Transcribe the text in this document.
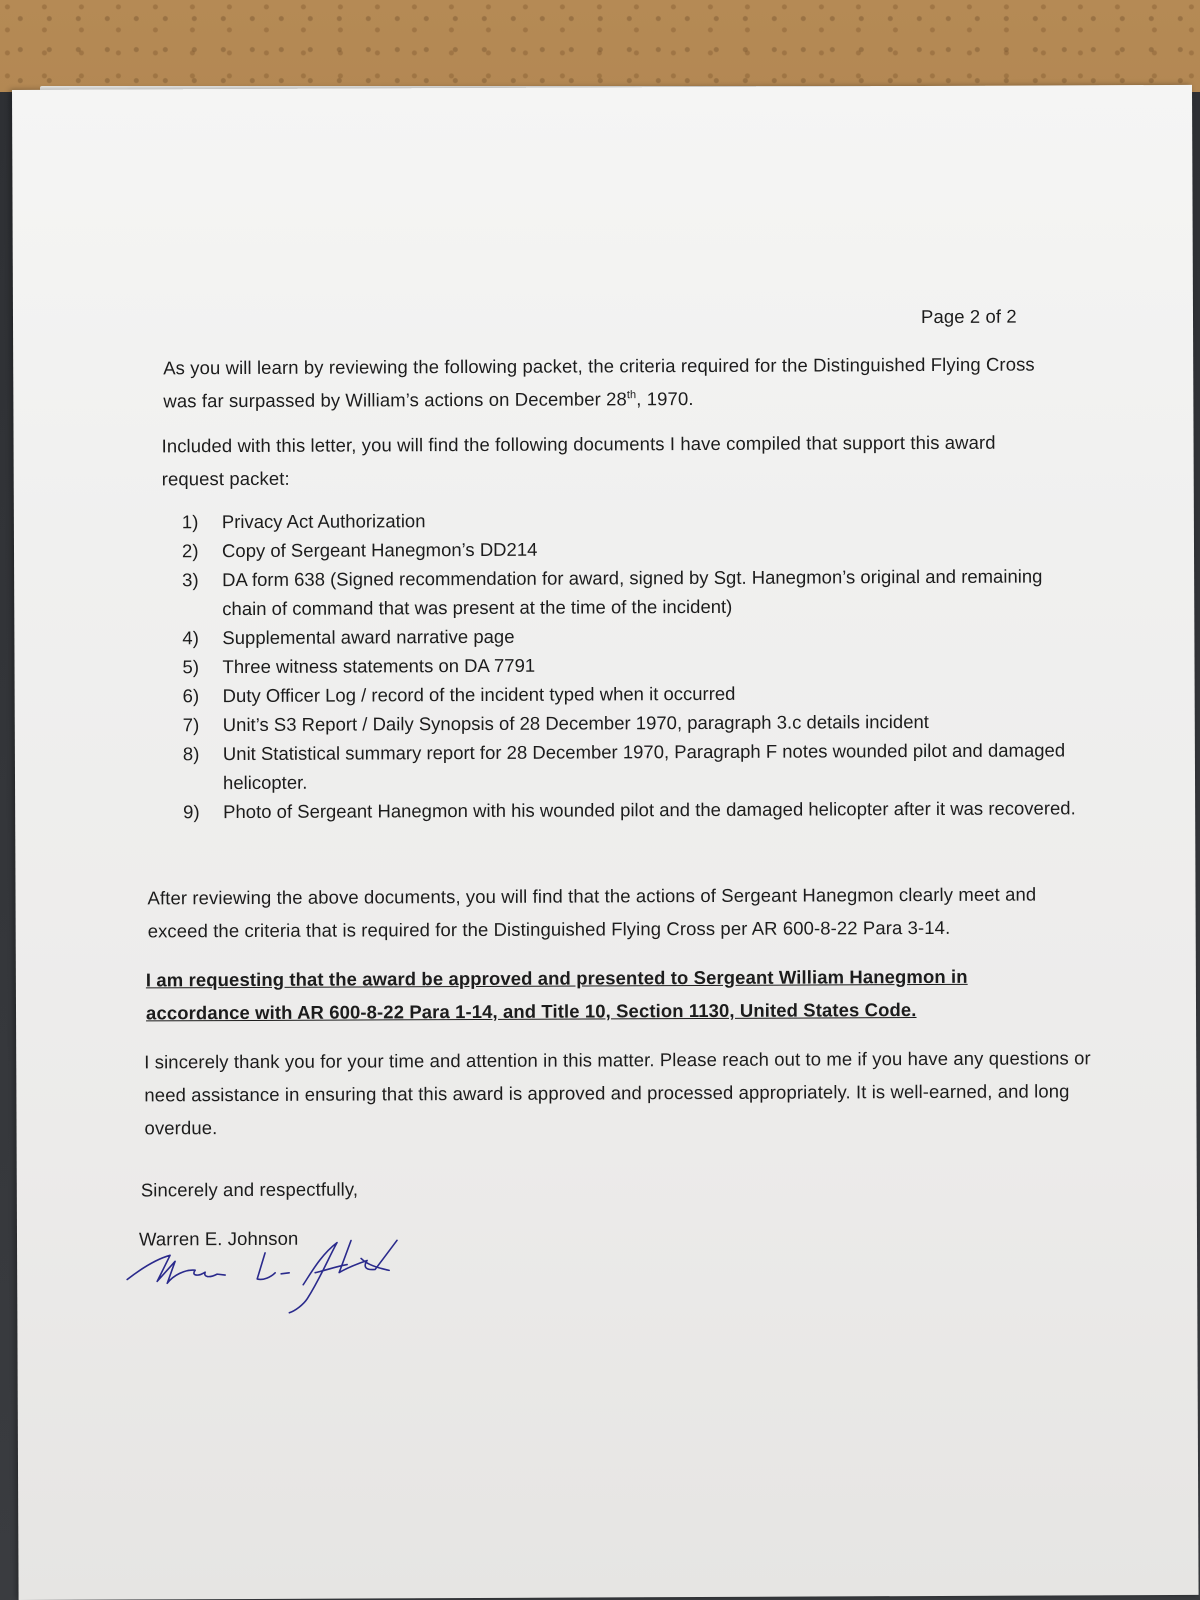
Page 2 of 2
As you will learn by reviewing the following packet, the criteria required for the Distinguished Flying Cross was far surpassed by William’s actions on December 28th, 1970.
Included with this letter, you will find the following documents I have compiled that support this award request packet:
1)	Privacy Act Authorization
2)	Copy of Sergeant Hanegmon’s DD214
3)	DA form 638 (Signed recommendation for award, signed by Sgt. Hanegmon’s original and remaining chain of command that was present at the time of the incident)
4)	Supplemental award narrative page
5)	Three witness statements on DA 7791
6)	Duty Officer Log / record of the incident typed when it occurred
7)	Unit’s S3 Report / Daily Synopsis of 28 December 1970, paragraph 3.c details incident
8)	Unit Statistical summary report for 28 December 1970, Paragraph F notes wounded pilot and damaged helicopter.
9)	Photo of Sergeant Hanegmon with his wounded pilot and the damaged helicopter after it was recovered.
After reviewing the above documents, you will find that the actions of Sergeant Hanegmon clearly meet and exceed the criteria that is required for the Distinguished Flying Cross per AR 600-8-22 Para 3-14.
I am requesting that the award be approved and presented to Sergeant William Hanegmon in accordance with AR 600-8-22 Para 1-14, and Title 10, Section 1130, United States Code.
I sincerely thank you for your time and attention in this matter. Please reach out to me if you have any questions or need assistance in ensuring that this award is approved and processed appropriately. It is well-earned, and long overdue.
Sincerely and respectfully,
Warren E. Johnson
